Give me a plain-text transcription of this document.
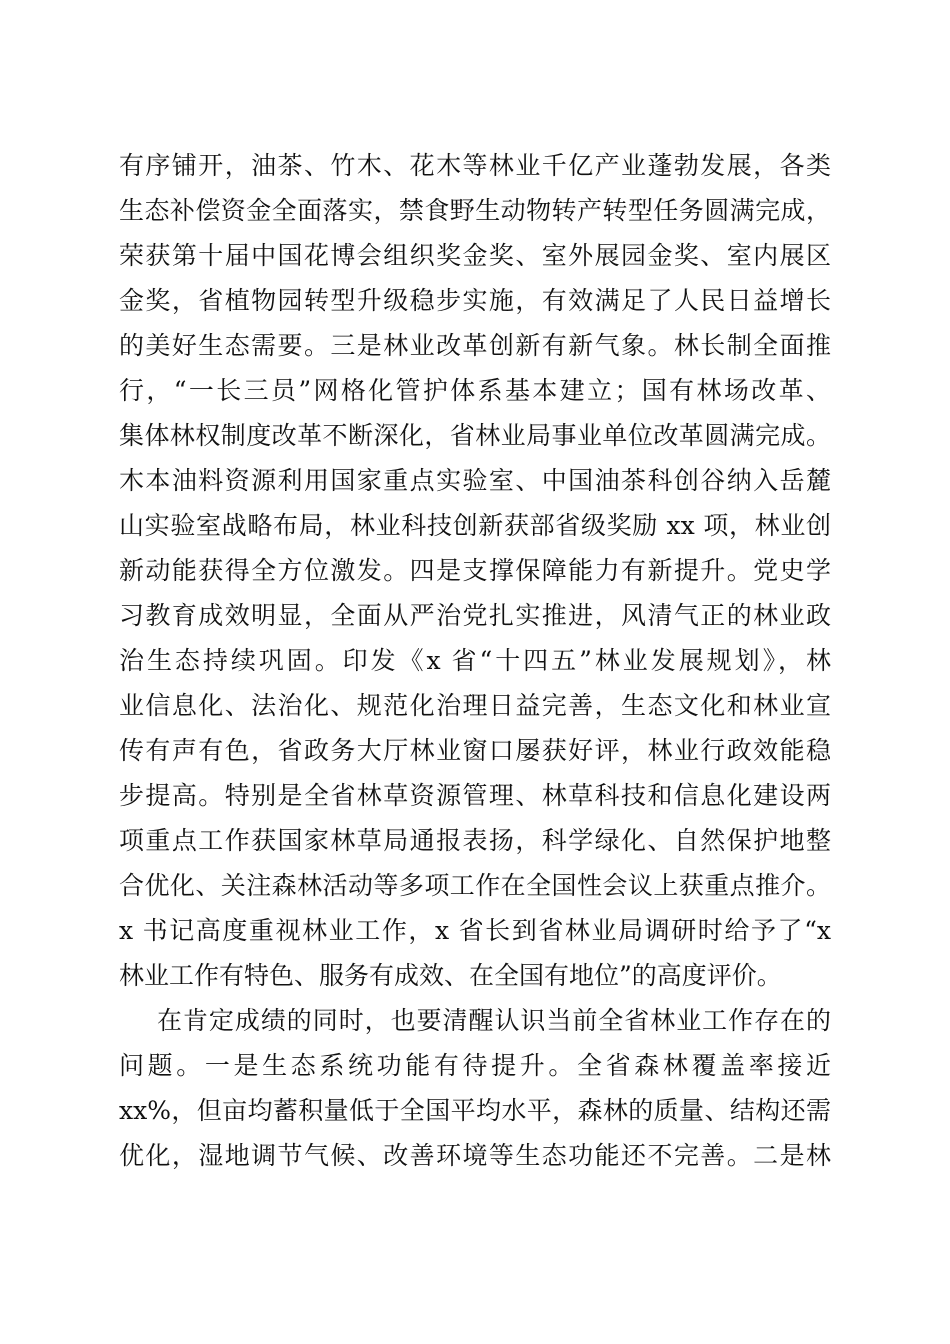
有序铺开，油茶、竹木、花木等林业千亿产业蓬勃发展，各类
生态补偿资金全面落实，禁食野生动物转产转型任务圆满完成，
荣获第十届中国花博会组织奖金奖、室外展园金奖、室内展区
金奖，省植物园转型升级稳步实施，有效满足了人民日益增长
的美好生态需要。三是林业改革创新有新气象。林长制全面推
行，“一长三员”网格化管护体系基本建立；国有林场改革、
集体林权制度改革不断深化，省林业局事业单位改革圆满完成。
木本油料资源利用国家重点实验室、中国油茶科创谷纳入岳麓
山实验室战略布局，林业科技创新获部省级奖励 xx 项，林业创
新动能获得全方位激发。四是支撑保障能力有新提升。党史学
习教育成效明显，全面从严治党扎实推进，风清气正的林业政
治生态持续巩固。印发《x 省“十四五”林业发展规划》，林
业信息化、法治化、规范化治理日益完善，生态文化和林业宣
传有声有色，省政务大厅林业窗口屡获好评，林业行政效能稳
步提高。特别是全省林草资源管理、林草科技和信息化建设两
项重点工作获国家林草局通报表扬，科学绿化、自然保护地整
合优化、关注森林活动等多项工作在全国性会议上获重点推介。
x 书记高度重视林业工作，x 省长到省林业局调研时给予了“x
林业工作有特色、服务有成效、在全国有地位”的高度评价。
在肯定成绩的同时，也要清醒认识当前全省林业工作存在的
问题。一是生态系统功能有待提升。全省森林覆盖率接近
xx%，但亩均蓄积量低于全国平均水平，森林的质量、结构还需
优化，湿地调节气候、改善环境等生态功能还不完善。二是林
